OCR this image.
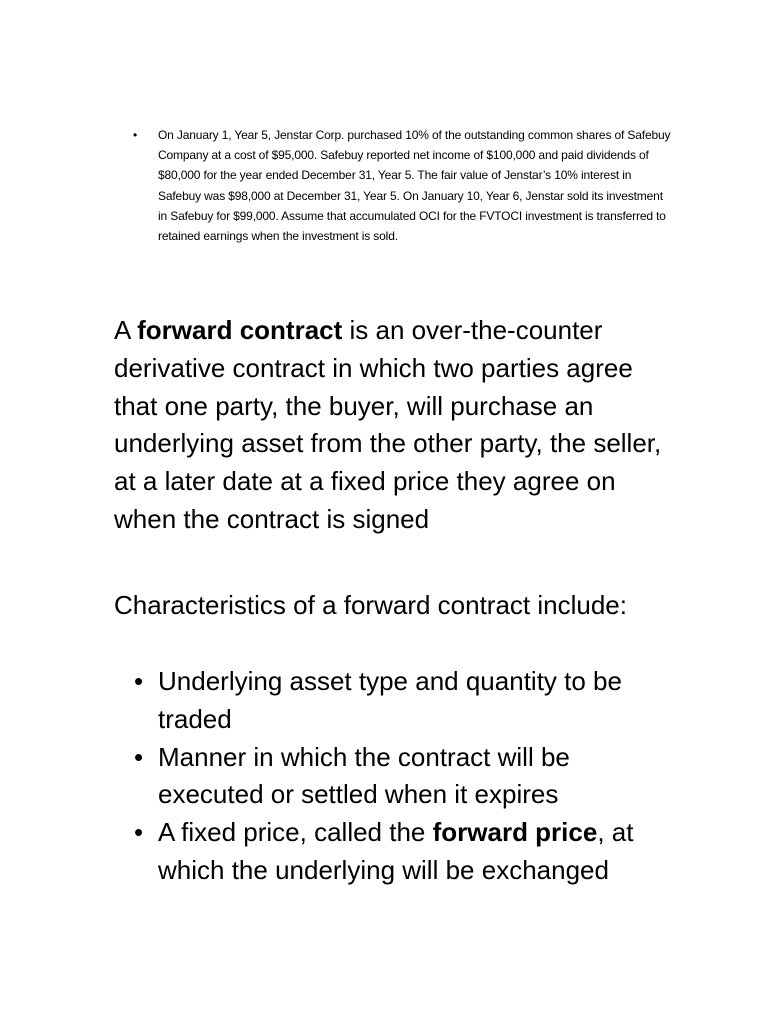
• On January 1, Year 5, Jenstar Corp. purchased 10% of the outstanding common shares of Safebuy Company at a cost of $95,000. Safebuy reported net income of $100,000 and paid dividends of $80,000 for the year ended December 31, Year 5. The fair value of Jenstar’s 10% interest in Safebuy was $98,000 at December 31, Year 5. On January 10, Year 6, Jenstar sold its investment in Safebuy for $99,000. Assume that accumulated OCI for the FVTOCI investment is transferred to retained earnings when the investment is sold.

A forward contract is an over-the-counter derivative contract in which two parties agree that one party, the buyer, will purchase an underlying asset from the other party, the seller, at a later date at a fixed price they agree on when the contract is signed

Characteristics of a forward contract include:

• Underlying asset type and quantity to be traded
• Manner in which the contract will be executed or settled when it expires
• A fixed price, called the forward price, at which the underlying will be exchanged
